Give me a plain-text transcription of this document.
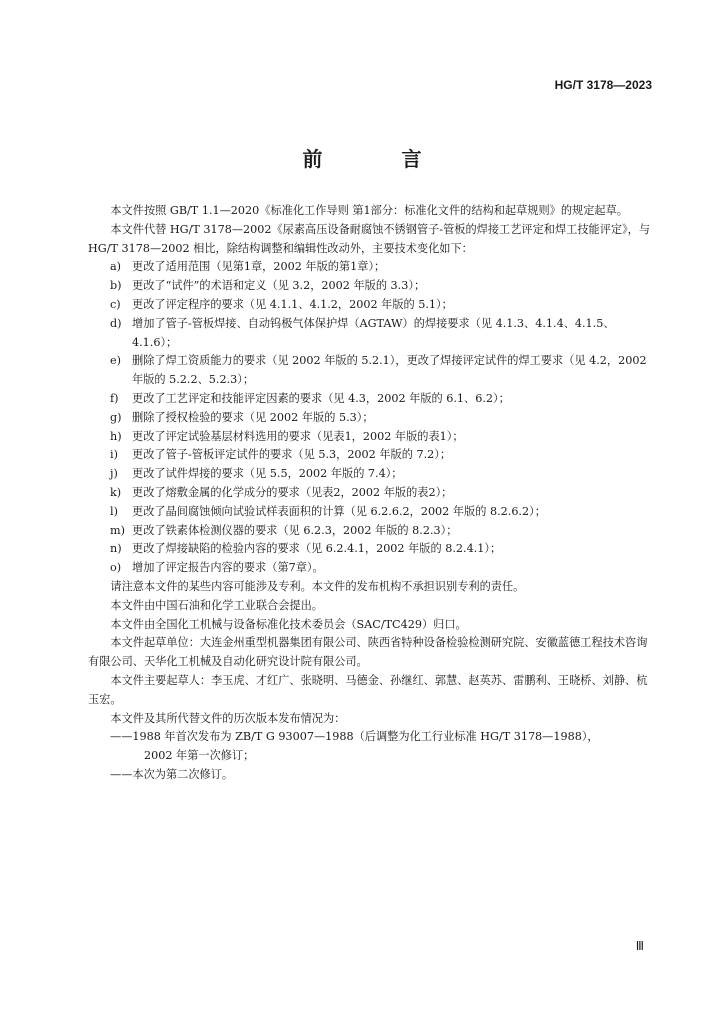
HG/T 3178—2023
前 言

本文件按照 GB/T 1.1—2020《标准化工作导则 第1部分：标准化文件的结构和起草规则》的规定起草。

本文件代替 HG/T 3178—2002《尿素高压设备耐腐蚀不锈钢管子-管板的焊接工艺评定和焊工技能评定》，与 HG/T 3178—2002 相比，除结构调整和编辑性改动外，主要技术变化如下：

a) 更改了适用范围（见第1章，2002 年版的第1章）；
b) 更改了“试件”的术语和定义（见 3.2，2002 年版的 3.3）；
c)	更改了评定程序的要求（见 4.1.1、4.1.2，2002 年版的 5.1）；
d) 增加了管子-管板焊接、自动钨极气体保护焊（AGTAW）的焊接要求（见 4.1.3、4.1.4、4.1.5、4.1.6）；
e) 删除了焊工资质能力的要求（见 2002 年版的 5.2.1），更改了焊接评定试件的焊工要求（见 4.2，2002 年版的 5.2.2、5.2.3）；
f)	更改了工艺评定和技能评定因素的要求（见 4.3，2002 年版的 6.1、6.2）；
g) 删除了授权检验的要求（见 2002 年版的 5.3）；
h) 更改了评定试验基层材料选用的要求（见表1，2002 年版的表1）；
i)	更改了管子-管板评定试件的要求（见 5.3，2002 年版的 7.2）；
j)	更改了试件焊接的要求（见 5.5，2002 年版的 7.4）；
k) 更改了熔敷金属的化学成分的要求（见表2，2002 年版的表2）；
l)	更改了晶间腐蚀倾向试验试样表面积的计算（见 6.2.6.2，2002 年版的 8.2.6.2）；
m) 更改了铁素体检测仪器的要求（见 6.2.3，2002 年版的 8.2.3）；
n) 更改了焊接缺陷的检验内容的要求（见 6.2.4.1，2002 年版的 8.2.4.1）；
o) 增加了评定报告内容的要求（第7章）。

请注意本文件的某些内容可能涉及专利。本文件的发布机构不承担识别专利的责任。

本文件由中国石油和化学工业联合会提出。

本文件由全国化工机械与设备标准化技术委员会（SAC/TC429）归口。

本文件起草单位：大连金州重型机器集团有限公司、陕西省特种设备检验检测研究院、安徽蓝德工程技术咨询有限公司、天华化工机械及自动化研究设计院有限公司。

本文件主要起草人：李玉虎、才红广、张晓明、马德金、孙继红、郭慧、赵英苏、雷鹏利、王晓桥、刘静、杭玉宏。

本文件及其所代替文件的历次版本发布情况为：

——1988 年首次发布为 ZB/T G 93007—1988（后调整为化工行业标准 HG/T 3178—1988），
2002 年第一次修订；
——本次为第二次修订。
Ⅲ
